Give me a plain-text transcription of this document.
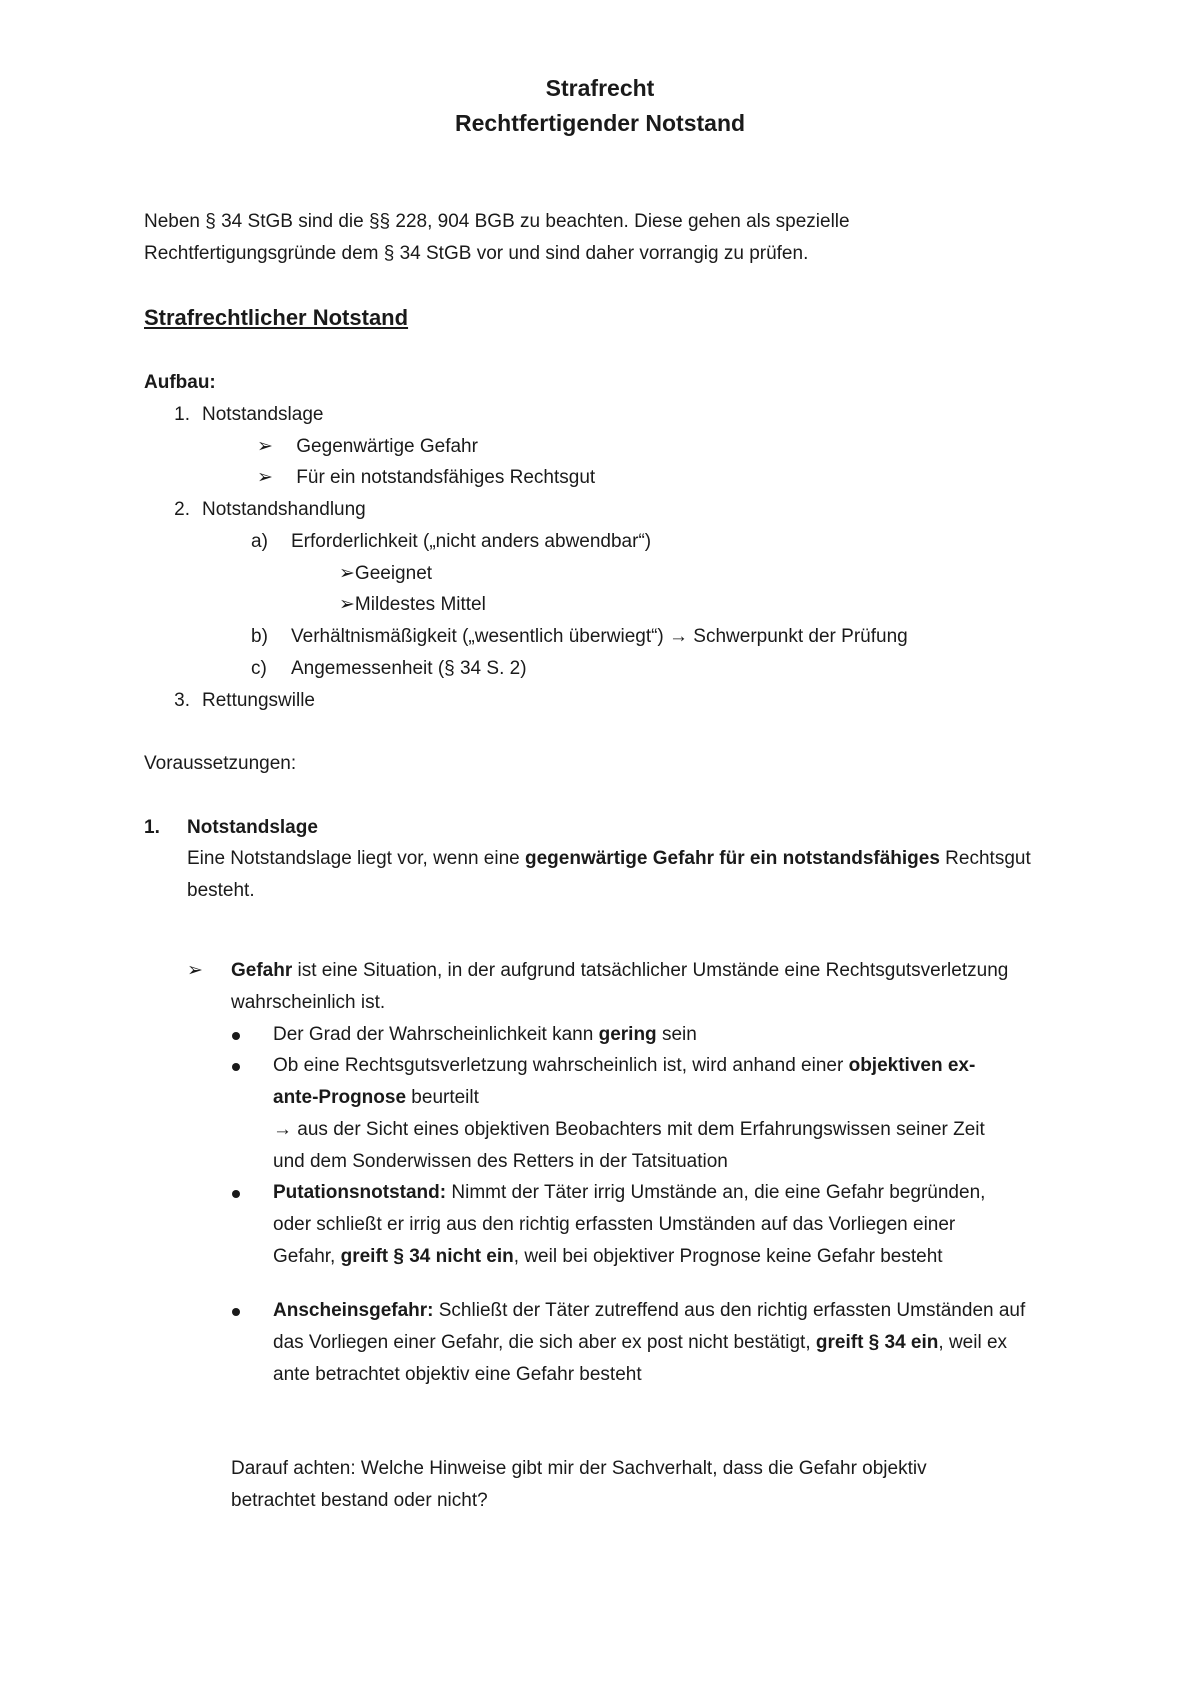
Strafrecht
Rechtfertigender Notstand
Neben § 34 StGB sind die §§ 228, 904 BGB zu beachten. Diese gehen als spezielle
Rechtfertigungsgründe dem § 34 StGB vor und sind daher vorrangig zu prüfen.
Strafrechtlicher Notstand
Aufbau:
1. Notstandslage
➢ Gegenwärtige Gefahr
➢ Für ein notstandsfähiges Rechtsgut
2. Notstandshandlung
a) Erforderlichkeit („nicht anders abwendbar“)
➢Geeignet
➢Mildestes Mittel
b) Verhältnismäßigkeit („wesentlich überwiegt“) → Schwerpunkt der Prüfung
c) Angemessenheit (§ 34 S. 2)
3. Rettungswille
Voraussetzungen:
1. Notstandslage
Eine Notstandslage liegt vor, wenn eine gegenwärtige Gefahr für ein notstandsfähiges Rechtsgut
besteht.
➢ Gefahr ist eine Situation, in der aufgrund tatsächlicher Umstände eine Rechtsgutsverletzung
wahrscheinlich ist.
Der Grad der Wahrscheinlichkeit kann gering sein
Ob eine Rechtsgutsverletzung wahrscheinlich ist, wird anhand einer objektiven ex-
ante-Prognose beurteilt
→ aus der Sicht eines objektiven Beobachters mit dem Erfahrungswissen seiner Zeit
und dem Sonderwissen des Retters in der Tatsituation
Putationsnotstand: Nimmt der Täter irrig Umstände an, die eine Gefahr begründen,
oder schließt er irrig aus den richtig erfassten Umständen auf das Vorliegen einer
Gefahr, greift § 34 nicht ein, weil bei objektiver Prognose keine Gefahr besteht
Anscheinsgefahr: Schließt der Täter zutreffend aus den richtig erfassten Umständen auf
das Vorliegen einer Gefahr, die sich aber ex post nicht bestätigt, greift § 34 ein, weil ex
ante betrachtet objektiv eine Gefahr besteht
Darauf achten: Welche Hinweise gibt mir der Sachverhalt, dass die Gefahr objektiv
betrachtet bestand oder nicht?
